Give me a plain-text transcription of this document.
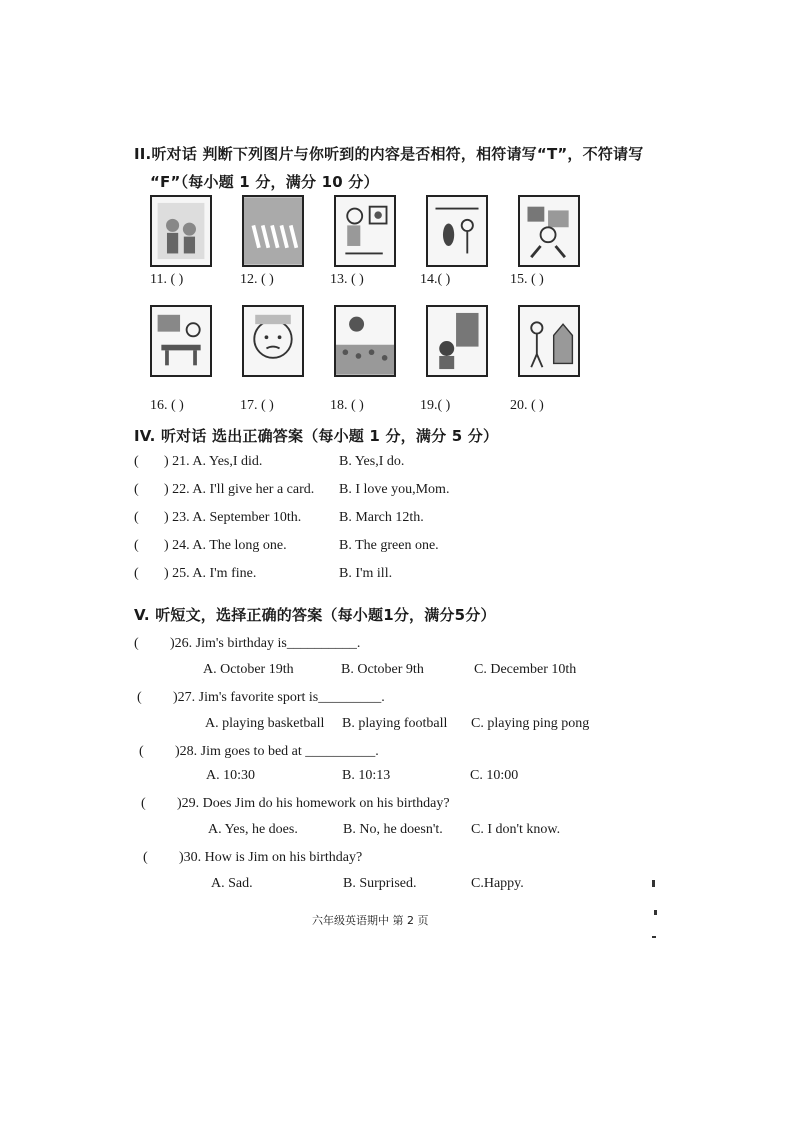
II.听对话 判断下列图片与你听到的内容是否相符，相符请写“T”，不符请写
“F”（每小题 1 分，满分 10 分）
11. ( )	12. ( )	13. ( )	14.( )	15. ( )
16. ( )	17. ( )	18. ( )	19.( )	20. ( )
IV. 听对话 选出正确答案（每小题 1 分，满分 5 分）
() 21. A. Yes,I did.	B. Yes,I do.
() 22. A. I'll give her a card. B. I love you,Mom.
() 23. A. September 10th.	B. March 12th.
() 24. A. The long one.	B. The green one.
() 25. A. I'm fine.	B. I'm ill.
V. 听短文，选择正确的答案（每小题1分，满分5分）
( )26. Jim's birthday is__________.
A. October 19th	B. October 9th	C. December 10th
( )27. Jim's favorite sport is_________.
A. playing basketball B. playing football C. playing ping pong
( )28. Jim goes to bed at __________.
A. 10:30	B. 10:13	C. 10:00
( )29. Does Jim do his homework on his birthday?
A. Yes, he does.	B. No, he doesn't. C. I don't know.
( )30. How is Jim on his birthday?
A. Sad.	B. Surprised.	C.Happy.
六年级英语期中 第 2 页
